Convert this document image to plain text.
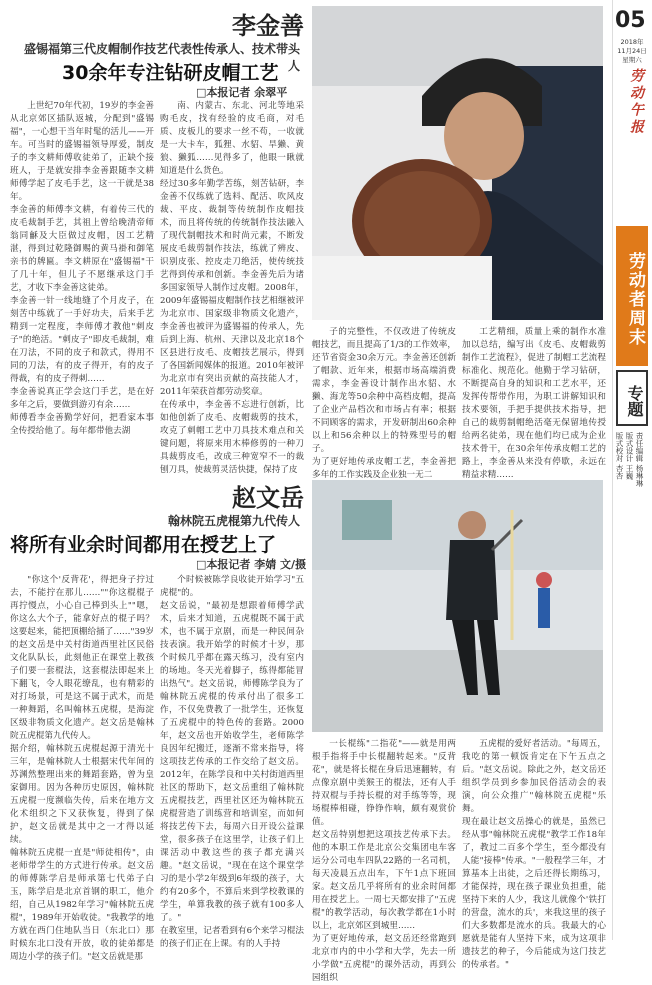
李金善
盛锡福第三代皮帽制作技艺代表性传承人、技术带头人
30余年专注钻研皮帽工艺
□本报记者 余翠平

上世纪70年代初，19岁的李金善从北京郊区插队返城，分配到"盛锡福"，一心想干当年时髦的活儿——开车。可当时的盛锡福领导厚爱，制皮子的李文耕师傅收徒弟了，正缺个接班人，于是就安排李金善跟随李文耕师傅学起了皮毛手艺，这一干就是38年。
李金善的师傅李文耕，有着传三代的皮毛裁制手艺，其祖上曾给晚清帝师翁同龢及大臣做过皮帽，因工艺精湛，得到过乾隆御赐的黄马褂和御笔亲书的牌匾。李文耕原在"盛锡福"干了几十年，但儿子不愿继承这门手艺，才收下李金善这徒弟。
李金善一针一线地缝了个月皮子，在刻苦中练就了一手好功夫，后来手艺精到一定程度，李师傅才教他"刺皮子"的绝活。"刺皮子"即皮毛裁制，难在刀法，不同的皮子和款式，得用不同的刀法，有的皮子得开，有的皮子得裁，有的皮子得刺……
李金善说真正学会这门手艺，是在好多年之后，要做到游刃有余……
师傅看李金善勤学好问，把看家本事全传授给他了。每年都带他去湖

南、内蒙古、东北、河北等地采购毛皮，找有经验的皮毛商，对毛质、皮板儿的要求一丝不苟，一收就是一大卡车，狐狸、水貂、旱獭、黄狼、獭狐……见得多了，他眼一瞅就知道是什么货色。
经过30多年勤学苦练，刻苦钻研，李金善不仅练就了选料、配活、吹风皮裁、平皮、裁制等传统制作皮帽技术，而且将传统的传统制作技法融入了现代制帽技术和时尚元素，不断发展皮毛裁剪制作技法，练就了辨皮、识别皮张、控皮走刀绝活，使传统技艺得到传承和创新。李金善先后为诸多国家领导人制作过皮帽。2008年，2009年盛锡福皮帽制作技艺相继被评为北京市、国家级非物质文化遗产，李金善也被评为盛锡福的传承人，先后到上海、杭州、天津以及北京18个区县进行皮毛、皮帽技艺展示，得到了各国新闻媒体的报道。2010年被评为北京市有突出贡献的高技能人才，2011年荣获首都劳动奖章。
在传承中，李金善不忘进行创新，比如他创新了皮毛、皮帽裁剪的技术，攻克了刺帽工艺中刀具技术难点和关键问题，将原来用木棒修剪的一种刀具裁剪皮毛，改成三种宽窄不一的裁刨刀具，使裁剪灵活快捷，保持了皮

子的完整性，不仅改进了传统皮帽技艺，而且提高了1/3的工作效率，还节省资金30余万元。李金善还创新了帽款、近年来，根据市场高端消费需求，李金善设计制作出水貂、水獭、海龙等50余种中高档皮帽，提高了企业产品档次和市场占有率；根据不同顾客的需求，开发研制出60余种以上和56余种以上的特殊型号的帽子。
为了更好地传承皮帽工艺，李金善把多年的工作实践及企业独一无二

工艺精细，质量上乘的制作水准加以总结，编写出《皮毛、皮帽裁剪制作工艺流程》，促进了制帽工艺流程标准化、规范化。他勤于学习钻研，不断提高自身的知识和工艺水平，还发挥传帮带作用，为职工讲解知识和技术要领，手把手提供技术指导，把自己的裁剪制帽绝活毫无保留地传授给两名徒弟，现在他们均已成为企业技术骨干，在30余年传承皮帽工艺的路上，李金善从来没有停歇，永远在精益求精……

赵文岳
翰林院五虎棍第九代传人
将所有业余时间都用在授艺上了
□本报记者 李婧 文/摄

"你这个'反背花'，得把身子拧过去，不能拧在那儿……""你这棍棍子再拧慢点，小心自己棒到头上""嗯，你这么大个子，能拿好点的棍子吗？这要起来，能把顶棚给捅了……"39岁的赵文岳是中关村街道西里社区民俗文化队队长，此刻他正在课堂上教孩子们要一套棍法，这套棍法即起来上下翻飞，令人眼花缭乱，也有精彩的对打场景，可是这不属于武术，而是一种舞蹈，名叫翰林五虎棍，是海淀区级非物质文化遗产。赵文岳是翰林院五虎棍第九代传人。
据介绍，翰林院五虎棍起源于清光十三年，是翰林院人士根据宋代年间的苏渊然整理出来的舞蹈套路，曾为皇家御用。因为各种历史原因，翰林院五虎棍一度濒临失传，后来在地方文化术组织之下又获恢复，得到了保护，赵文岳就是其中之一才得以延续。
翰林院五虎棍一直是"师徒相传"，由老师带学生的方式进行传承。赵文岳的师傅陈学启是师承第七代弟子白玉，陈学启是北京首钢的职工，他介绍，自己从1982年学习"翰林院五虎棍"，1989年开始收徒。"我教学的地方就在西门住地队当日（东北口）那时候东北口没有开放，收的徒弟都是周边小学的孩子们。"赵文岳就是那

个时候被陈学良收徒开始学习"五虎棍"的。
赵文岳说，"最初是想跟着师傅学武术，后来才知道，五虎棍既不属于武术，也不属于京剧，而是一种民间杂技表演。我开始学的时候才十岁，那个时候几乎都在露天练习，没有室内的场地。冬天光着脚子，练得都能冒出热气"。赵文岳说，师傅陈学良为了翰林院五虎棍的传承付出了很多工作，不仅免费教了一批学生，还恢复了五虎棍中的特色传的套路。2000年，赵文岳也开始收学生，老师陈学良因年纪搬迁，逐渐不常来指导，将这项技艺传承的工作交给了赵文岳。2012年，在陈学良和中关村街道西里社区的帮助下，赵文岳重组了翰林院五虎棍技艺，西里社区还为翰林院五虎棍营造了训练营和培训室，而如何将技艺传下去，每周六日开设公益课堂，很多孩子在这里学，让孩子们上课活动中教这些的孩子都充满兴趣。"赵文岳说，"现在在这个课堂学习的是小学2年级到6年级的孩子，大约有20多个，不算后来到学校教课的学生，单算我教的孩子就有100多人了。"
在教室里，记者看到有6个来学习棍法的孩子们正在上课。有的人手持

一长棍练"二指花"——就是用两根手指将手中长棍翻转起来。"反背花"，就是将长棍在身后迅速翻转，有点像京剧中美猴王的棍法，还有人手持双棍与手持长棍的对手练等等，现场棍棒相碰，铮铮作响，颇有观赏价值。
赵文岳特别想把这项技艺传承下去。他的本职工作是北京公交集团电车客运分公司电车四队22路的一名司机，每天凌晨五点出车，下午1点下班回家。赵文岳几乎将所有的业余时间都用在授艺上。一周七天都安排了"五虎棍"的教学活动，每次教学都在1小时以上，北京郊区到城里……
为了更好地传承，赵文岳还经常跑到北京市内的中小学和大学，先去一所小学做"五虎棍"的课外活动，再到公园组织

五虎棍的爱好者活动。"每周五，我吃的第一顿饭肯定在下午五点之后。"赵文岳说。除此之外，赵文岳还组织学员到乡参加民俗活动会的表演，向公众推广"翰林院五虎棍"乐舞。
现在最让赵文岳操心的就是，虽然已经从事"翰林院五虎棍"教学工作18年了，教过二百多个学生，至今都没有人能"接棒"传承。"一般程学三年，才算基本上出徒，之后还得长期练习，才能保持，现在孩子课业负担重，能坚持下来的人少，我这儿就像个'铁打的营盘，流水的兵'，来我这里的孩子们大多数都是流水的兵。我最大的心愿就是能有人坚持下来，成为这项非遗技艺的种子，今后能成为这门技艺的传承者。"

05
2018年
11月24日
星期六
劳动午报
劳动者周末
专题
责任编辑 杨琳琳
版式设计 王巍
版式校对 杏杏
